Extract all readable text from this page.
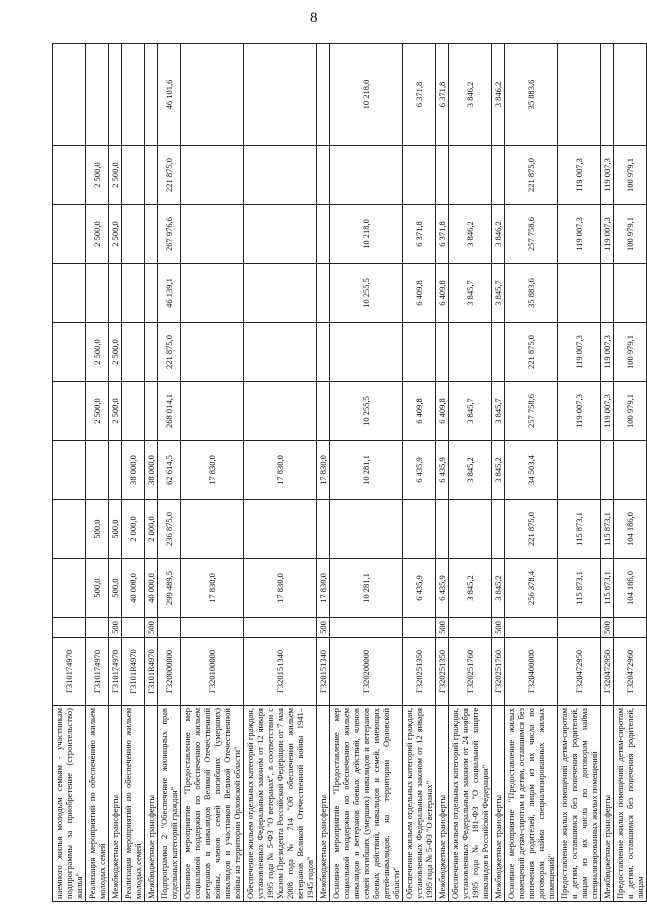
8
наемного жилья молодым семьям - участникам подпрограммы за приобретение (строительство) жилья"	Г310174970										
Реализация мероприятий по обеспечению жильем молодых семей	Г310174970		500,0	500,0		2 500,0	2 500,0		2 500,0	2 500,0	
Межбюджетные трансферты	Г310174970	500	500,0	500,0		2 500,0	2 500,0		2 500,0	2 500,0	
Реализация мероприятий по обеспечению жильем молодых семей	Г3101R4970		40 000,0	2 000,0	38 000,0						
Межбюджетные трансферты	Г3101R4970	500	40 000,0	2 000,0	38 000,0						
Подпрограмма 2 "Обеспечение жилищных прав отдельных категорий граждан"	Г320000000		299 489,5	236 875,0	62 614,5	268 014,1	221 875,0	46 139,1	267 976,6	221 875,0	46 101,6
Основное мероприятие "Предоставление мер социальной поддержки по обеспечению жильем ветеранов и инвалидов Великой Отечественной войны, членов семей погибших (умерших) инвалидов и участников Великой Отечественной войны на территории Орловской области"	Г320100000		17 830,0		17 830,0						
Обеспечение жильем отдельных категорий граждан, установленных Федеральным законом от 12 января 1995 года № 5-ФЗ "О ветеранах", в соответствии с Указом Президента Российской Федерации от 7 мая 2008 года № 714 "Об обеспечении жильем ветеранов Великой Отечественной войны 1941–1945 годов"	Г320151340		17 830,0		17 830,0						
Межбюджетные трансферты	Г320151340	500	17 830,0		17 830,0						
Основное мероприятие "Предоставление мер социальной поддержки по обеспечению жильем инвалидов и ветеранов боевых действий, членов семей погибших (умерших) инвалидов и ветеранов боевых действий, инвалидов и семей, имеющих детей-инвалидов, на территории Орловской области"	Г320200000		10 281,1		10 281,1	10 255,5		10 255,5	10 218,0		10 218,0
Обеспечение жильем отдельных категорий граждан, установленных Федеральным законом от 12 января 1995 года № 5-ФЗ "О ветеранах"	Г320251350		6 435,9		6 435,9	6 409,8		6 409,8	6 371,8		6 371,8
Межбюджетные трансферты	Г320251350	500	6 435,9		6 435,9	6 409,8		6 409,8	6 371,8		6 371,8
Обеспечение жильем отдельных категорий граждан, установленных Федеральным законом от 24 ноября 1995 года № 181-ФЗ "О социальной защите инвалидов в Российской Федерации"	Г320251760		3 845,2		3 845,2	3 845,7		3 845,7	3 846,2		3 846,2
Межбюджетные трансферты	Г320251760	500	3 845,2		3 845,2	3 845,7		3 845,7	3 846,2		3 846,2
Основное мероприятие "Предоставление жилых помещений детям-сиротам и детям, оставшимся без попечения родителей, лицам из их числа по договорам найма специализированных жилых помещений"	Г320400000		256 378,4	221 875,0	34 503,4	257 758,6	221 875,0	35 883,6	257 758,6	221 875,0	35 883,6
Предоставление жилых помещений детям-сиротам и детям, оставшимся без попечения родителей, лицам из их числа по договорам найма специализированных жилых помещений	Г320472950		115 873,1	115 873,1		119 007,3	119 007,3		119 007,3	119 007,3	
Межбюджетные трансферты	Г320472950	500	115 873,1	115 873,1		119 007,3	119 007,3		119 007,3	119 007,3	
Предоставление жилых помещений детям-сиротам и детям, оставшимся без попечения родителей, лицам	Г320472960		104 186,0	104 186,0		100 979,1	100 979,1		100 979,1	100 979,1	
